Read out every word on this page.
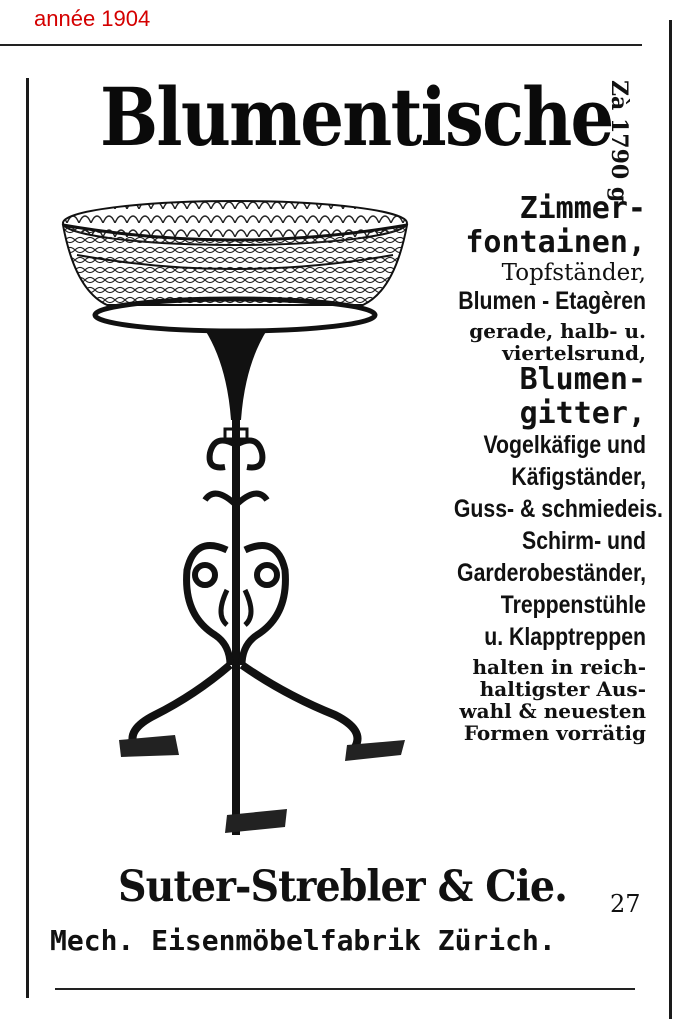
année 1904
Blumentische
Zà 1790 g
Zimmer-
fontainen,
Topfständer,
Blumen - Etagèren
gerade, halb- u.
viertelsrund,
Blumen-
gitter,
Vogelkäfige und
Käfigständer,
Guss- & schmiedeis.
Schirm- und
Garderobeständer,
Treppenstühle
u. Klapptreppen
halten in reich-
haltigster Aus-
wahl & neuesten
Formen vorrätig
Suter-Strebler & Cie. 27
Mech. Eisenmöbelfabrik Zürich.
